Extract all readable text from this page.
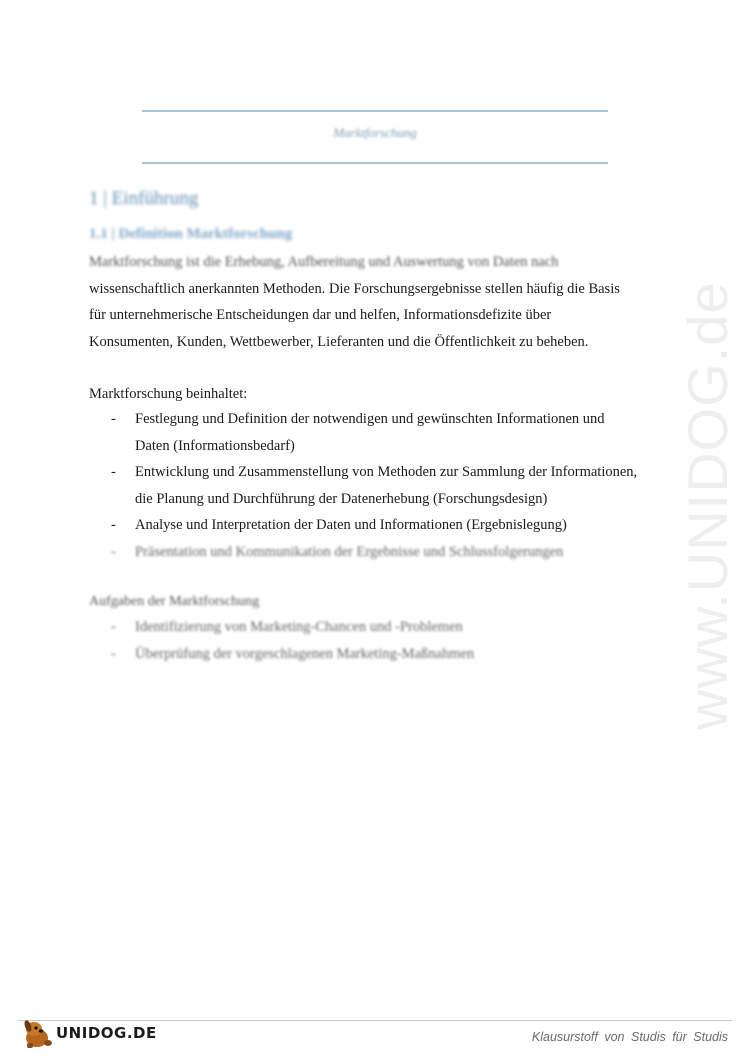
Marktforschung
1 | Einführung
1.1 | Definition Marktforschung
Marktforschung ist die Erhebung, Aufbereitung und Auswertung von Daten nach
wissenschaftlich anerkannten Methoden. Die Forschungsergebnisse stellen häufig die Basis
für unternehmerische Entscheidungen dar und helfen, Informationsdefizite über
Konsumenten, Kunden, Wettbewerber, Lieferanten und die Öffentlichkeit zu beheben.
Marktforschung beinhaltet:
- Festlegung und Definition der notwendigen und gewünschten Informationen und
Daten (Informationsbedarf)
- Entwicklung und Zusammenstellung von Methoden zur Sammlung der Informationen,
die Planung und Durchführung der Datenerhebung (Forschungsdesign)
- Analyse und Interpretation der Daten und Informationen (Ergebnislegung)
- Präsentation und Kommunikation der Ergebnisse und Schlussfolgerungen
Aufgaben der Marktforschung
- Identifizierung von Marketing-Chancen und -Problemen
- Überprüfung der vorgeschlagenen Marketing-Maßnahmen	www.UNIDOG.de
UNIDOG.DE	Klausurstoff von Studis für Studis
